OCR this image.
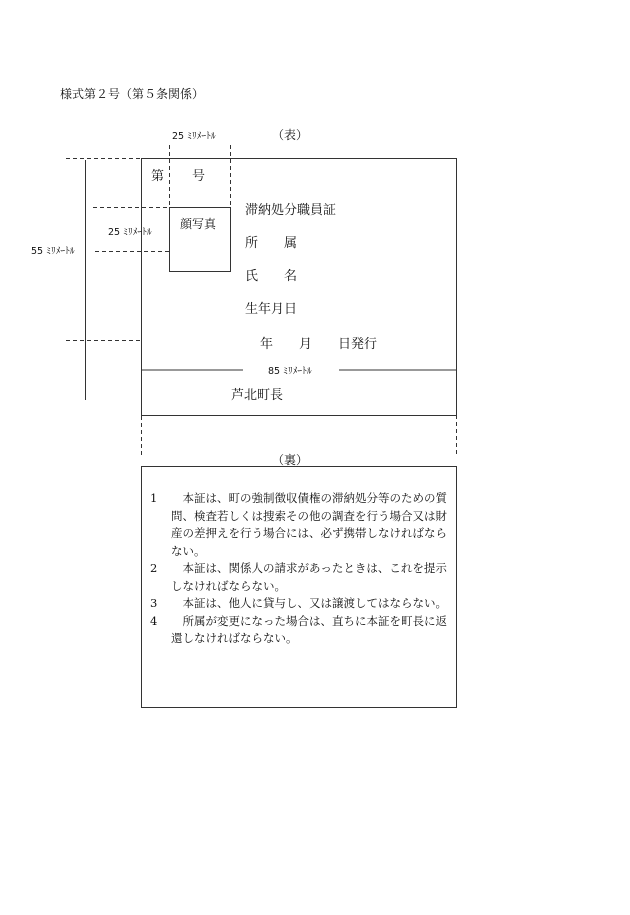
様式第２号（第５条関係）
（表）
25 ﾐﾘﾒｰﾄﾙ
25 ﾐﾘﾒｰﾄﾙ
55 ﾐﾘﾒｰﾄﾙ
85 ﾐﾘﾒｰﾄﾙ
第 号
顔写真
滞納処分職員証
所　　属
氏　　名
生年月日
年　　月　　日発行
芦北町長
（裏）
1	本証は、町の強制徴収債権の滞納処分等のための質問、検査若しくは捜索その他の調査を行う場合又は財産の差押えを行う場合には、必ず携帯しなければならない。
2	本証は、関係人の請求があったときは、これを提示しなければならない。
3	本証は、他人に貸与し、又は譲渡してはならない。
4	所属が変更になった場合は、直ちに本証を町長に返還しなければならない。
